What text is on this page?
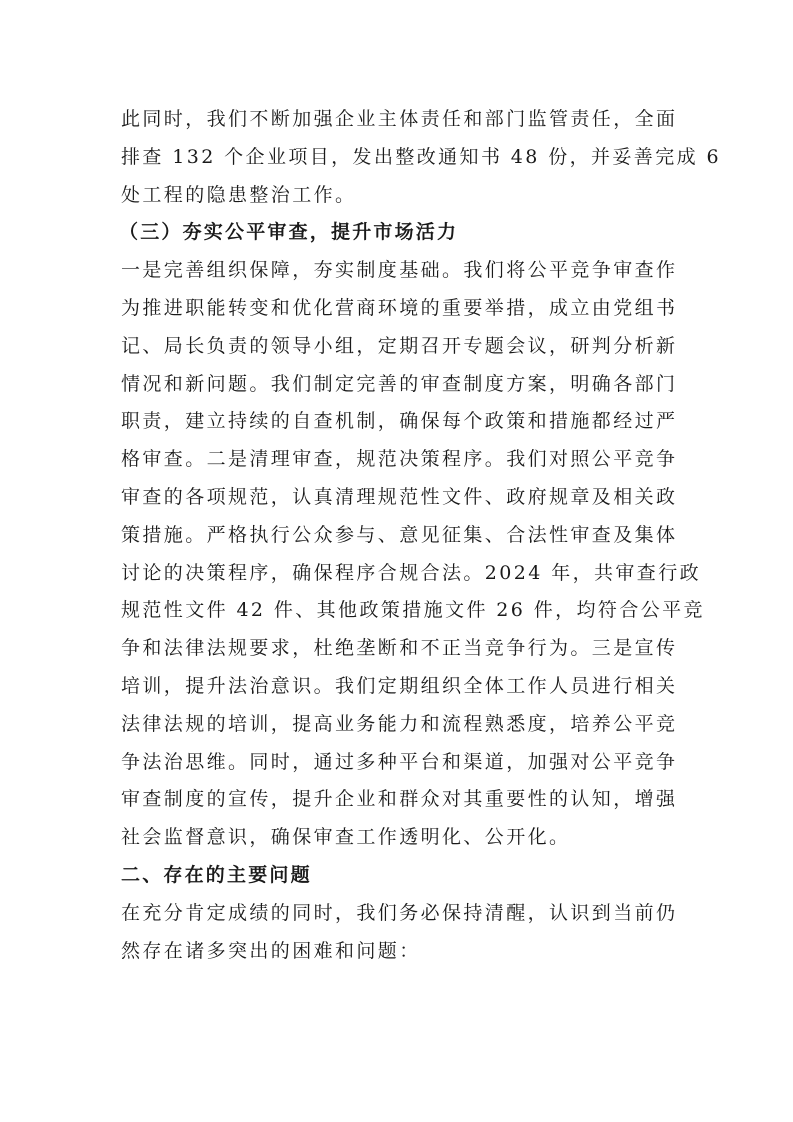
此同时，我们不断加强企业主体责任和部门监管责任，全面
排查 132 个企业项目，发出整改通知书 48 份，并妥善完成 6
处工程的隐患整治工作。
（三）夯实公平审查，提升市场活力
一是完善组织保障，夯实制度基础。我们将公平竞争审查作
为推进职能转变和优化营商环境的重要举措，成立由党组书
记、局长负责的领导小组，定期召开专题会议，研判分析新
情况和新问题。我们制定完善的审查制度方案，明确各部门
职责，建立持续的自查机制，确保每个政策和措施都经过严
格审查。二是清理审查，规范决策程序。我们对照公平竞争
审查的各项规范，认真清理规范性文件、政府规章及相关政
策措施。严格执行公众参与、意见征集、合法性审查及集体
讨论的决策程序，确保程序合规合法。2024 年，共审查行政
规范性文件 42 件、其他政策措施文件 26 件，均符合公平竞
争和法律法规要求，杜绝垄断和不正当竞争行为。三是宣传
培训，提升法治意识。我们定期组织全体工作人员进行相关
法律法规的培训，提高业务能力和流程熟悉度，培养公平竞
争法治思维。同时，通过多种平台和渠道，加强对公平竞争
审查制度的宣传，提升企业和群众对其重要性的认知，增强
社会监督意识，确保审查工作透明化、公开化。
二、存在的主要问题
在充分肯定成绩的同时，我们务必保持清醒，认识到当前仍
然存在诸多突出的困难和问题：
